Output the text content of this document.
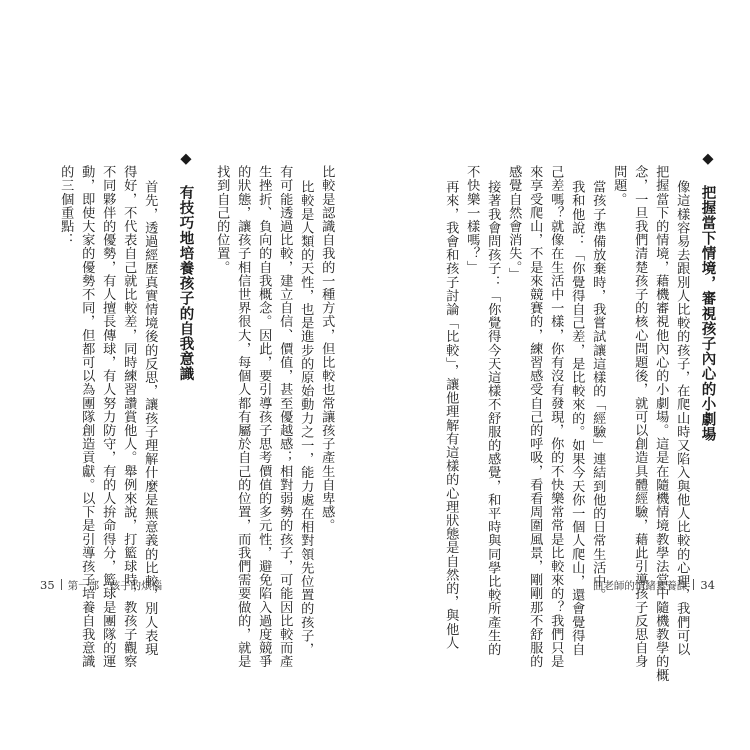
◆ 把握當下情境，審視孩子內心的小劇場
像這樣容易去跟別人比較的孩子，在爬山時又陷入與他人比較的心理，我們可以
把握當下的情境，藉機審視他內心的小劇場。這是在隨機情境教學法當中隨機教學的概
念，一旦我們清楚孩子的核心問題後，就可以創造具體經驗，藉此引導孩子反思自身
問題。
當孩子準備放棄時，我嘗試讓這樣的「經驗」連結到他的日常生活中。
我和他說：「你覺得自己差，是比較來的。如果今天你一個人爬山，還會覺得自
己差嗎？就像在生活中一樣，你有沒有發現，你的不快樂常常是比較來的？我們只是
來享受爬山，不是來競賽的，練習感受自己的呼吸，看看周圍風景，剛剛那不舒服的
感覺自然會消失。」
接著我會問孩子：「你覺得今天這樣不舒服的感覺，和平時與同學比較所產生的
不快樂一樣嗎？」
再來，我會和孩子討論「比較」，讓他理解有這樣的心理狀態是自然的，與他人
比較是認識自我的一種方式，但比較也常讓孩子產生自卑感。
比較是人類的天性，也是進步的原始動力之一，能力處在相對領先位置的孩子，
有可能透過比較，建立自信、價值，甚至優越感；相對弱勢的孩子，可能因比較而產
生挫折、負向的自我概念。因此，要引導孩子思考價值的多元性，避免陷入過度競爭
的狀態，讓孩子相信世界很大，每個人都有屬於自己的位置，而我們需要做的，就是
找到自己的位置。
◆ 有技巧地培養孩子的自我意識
首先，透過經歷真實情境後的反思，讓孩子理解什麼是無意義的比較，別人表現
得好，不代表自己就比較差，同時練習讚賞他人。舉例來說，打籃球時，教孩子觀察
不同夥伴的優勢，有人擅長傳球，有人努力防守，有的人拚命得分，籃球是團隊的運
動，即使大家的優勢不同，但都可以為團隊創造貢獻。以下是引導孩子培養自我意識
的三個重點：
35 第一部・孩子的煩惱	曲老師的情緒素養課 34
